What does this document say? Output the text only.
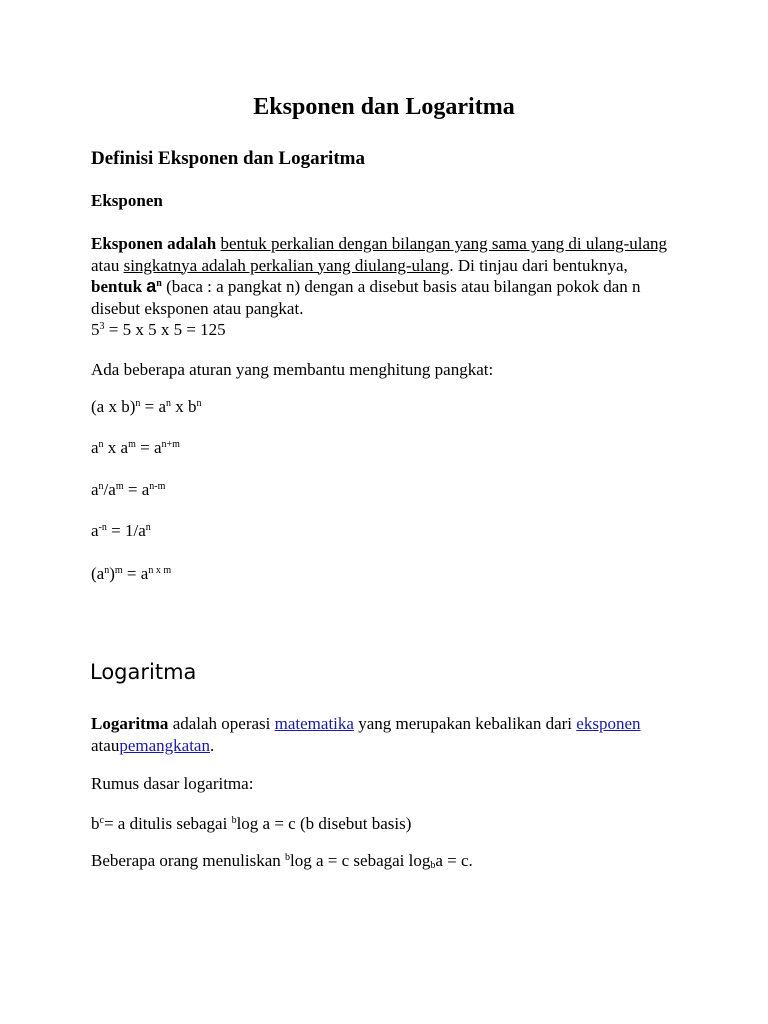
Eksponen dan Logaritma
Definisi Eksponen dan Logaritma
Eksponen

Eksponen adalah bentuk perkalian dengan bilangan yang sama yang di ulang-ulang atau singkatnya adalah perkalian yang diulang-ulang. Di tinjau dari bentuknya, bentuk $a^n$ (baca : a pangkat n) dengan a disebut basis atau bilangan pokok dan n disebut eksponen atau pangkat.
$5^3 = 5$ x 5 x 5 = 125

Ada beberapa aturan yang membantu menghitung pangkat:

(a x $b)^n = a^n$ x $b^n$

$a^n$ x $a^m = a^{n+m}$

$a^n/a^m = a^{n-m}$

$a^{-n} = 1/a^n$

$(a^n)^m = a^{n x m}$

Logaritma

Logaritma adalah operasi matematika yang merupakan kebalikan dari eksponen
ataupemangkatan.

Rumus dasar logaritma:

$b^c= a$ ditulis sebagai $^b$log a = c (b disebut basis)

Beberapa orang menuliskan $^b$log a = c sebagai $\log_ba = c$.
